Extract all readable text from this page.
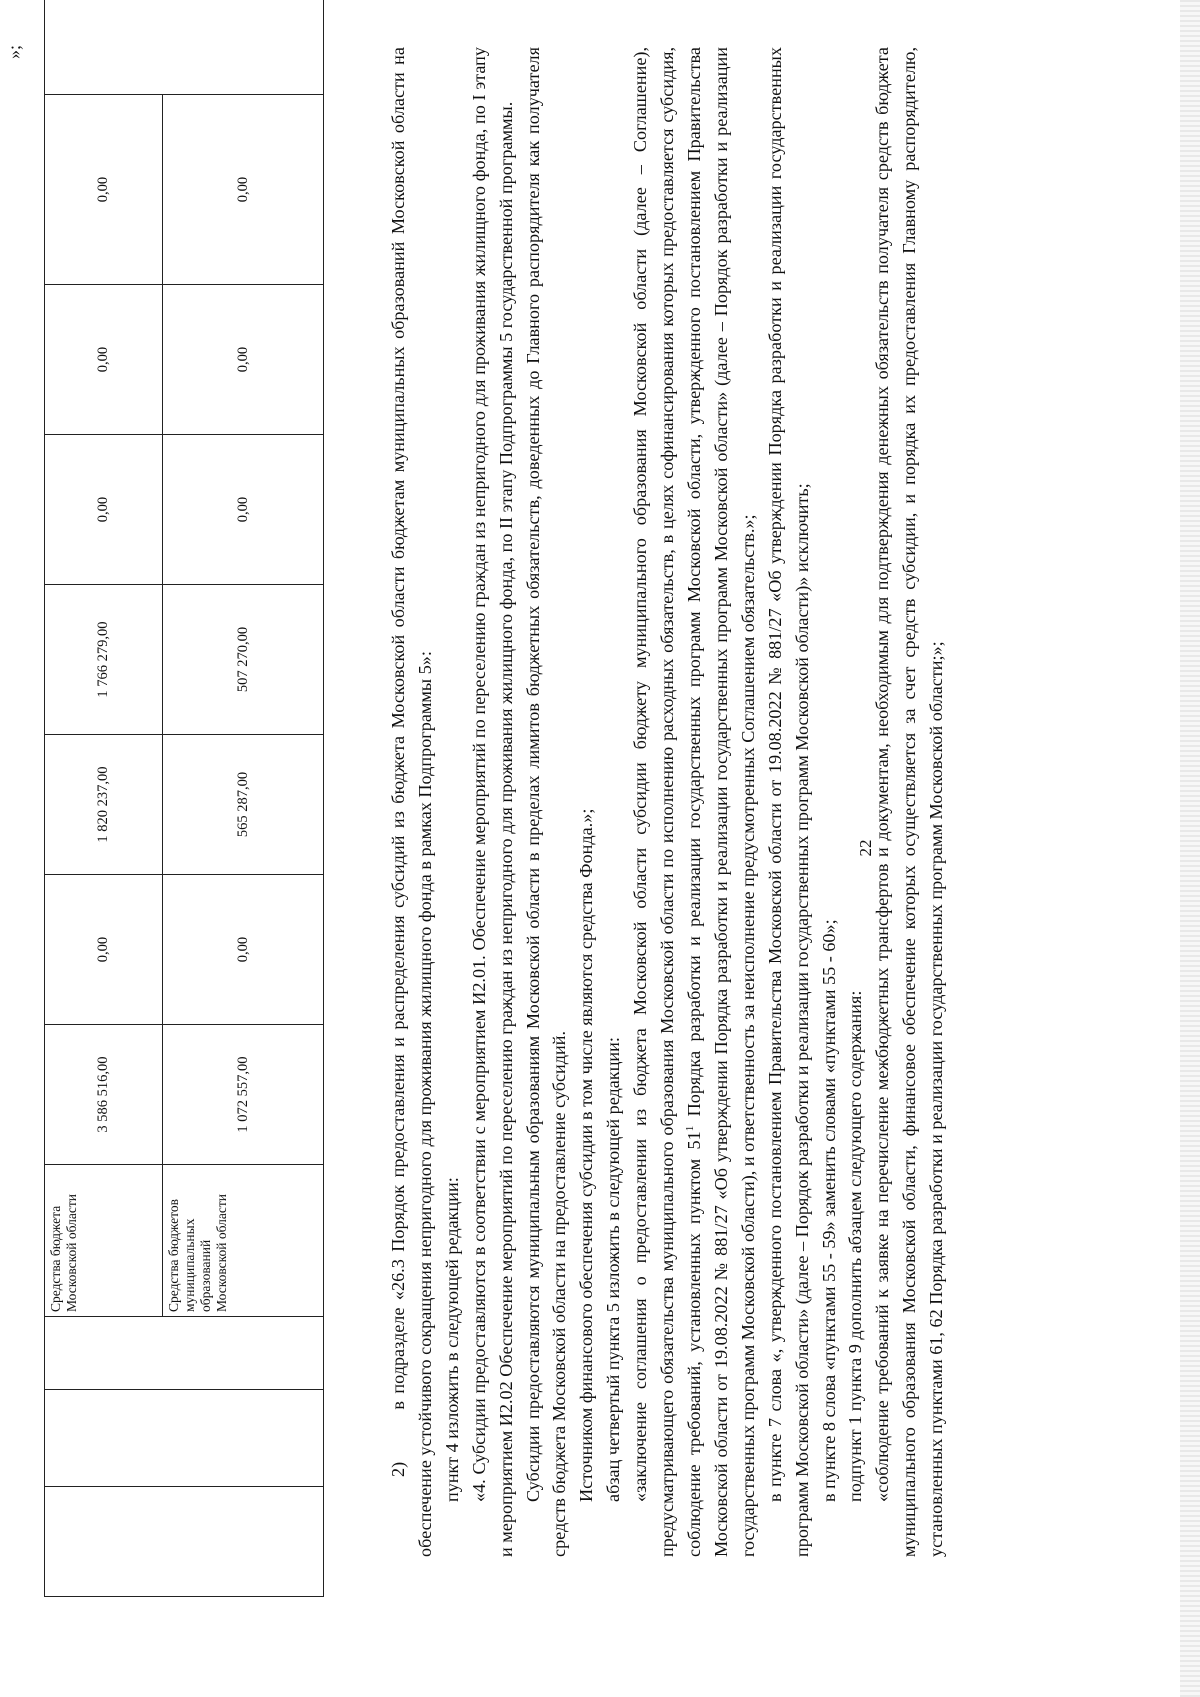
22
			Средства бюджета Московской области	3 586 516,00	0,00	1 820 237,00	1 766 279,00	0,00	0,00	0,00	
			Средства бюджетов муниципальных образований Московской области	1 072 557,00	0,00	565 287,00	507 270,00	0,00	0,00	0,00	
»;	2)       в подразделе «26.3 Порядок предоставления и распределения субсидий из бюджета Московской области бюджетам муниципальных образований Московской области на обеспечение устойчивого сокращения непригодного для проживания жилищного фонда в рамках Подпрограммы 5»: пункт 4 изложить в следующей редакции: «4. Субсидии предоставляются в соответствии с мероприятием И2.01. Обеспечение мероприятий по переселению граждан из непригодного для проживания жилищного фонда, по I этапу и мероприятием И2.02 Обеспечение мероприятий по переселению граждан из непригодного для проживания жилищного фонда, по II этапу Подпрограммы 5 государственной программы. Субсидии предоставляются муниципальным образованиям Московской области в пределах лимитов бюджетных обязательств, доведенных до Главного распорядителя как получателя средств бюджета Московской области на предоставление субсидий. Источником финансового обеспечения субсидии в том числе являются средства Фонда.»; абзац четвертый пункта 5 изложить в следующей редакции: «заключение соглашения о предоставлении из бюджета Московской области субсидии бюджету муниципального образования Московской области (далее – Соглашение), предусматривающего обязательства муниципального образования Московской области по исполнению расходных обязательств, в целях софинансирования которых предоставляется субсидия, соблюдение требований, установленных пунктом $51^1$ Порядка разработки и реализации государственных программ Московской области, утвержденного постановлением Правительства Московской области от 19.08.2022 № 881/27 «Об утверждении Порядка разработки и реализации государственных программ Московской области» (далее – Порядок разработки и реализации государственных программ Московской области), и ответственность за неисполнение предусмотренных Соглашением обязательств.»; в пункте 7 слова «, утвержденного постановлением Правительства Московской области от 19.08.2022 № 881/27 «Об утверждении Порядка разработки и реализации государственных программ Московской области» (далее – Порядок разработки и реализации государственных программ Московской области)» исключить; в пункте 8 слова «пунктами 55 - 59» заменить словами «пунктами 55 - 60»; подпункт 1 пункта 9 дополнить абзацем следующего содержания: «соблюдение требований к заявке на перечисление межбюджетных трансфертов и документам, необходимым для подтверждения денежных обязательств получателя средств бюджета муниципального образования Московской области, финансовое обеспечение которых осуществляется за счет средств субсидии, и порядка их предоставления Главному распорядителю, установленных пунктами 61, 62 Порядка разработки и реализации государственных программ Московской области;»;
